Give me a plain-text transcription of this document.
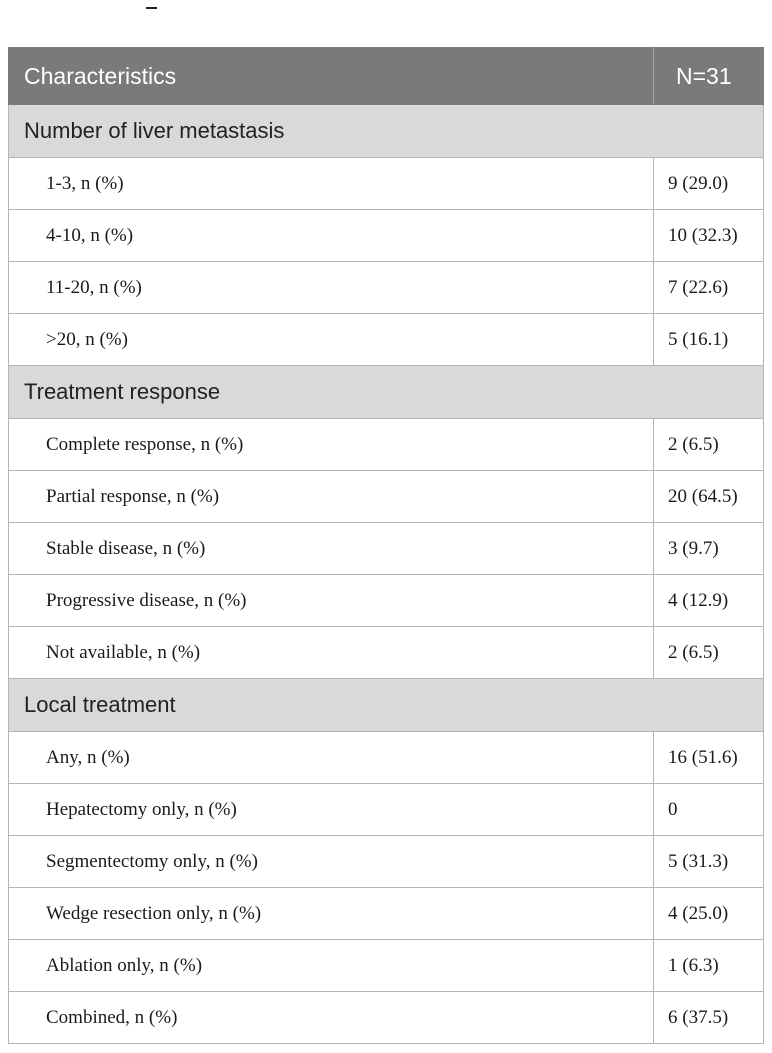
Characteristics	N=31
Number of liver metastasis	
1-3, n (%)	9 (29.0)
4-10, n (%)	10 (32.3)
11-20, n (%)	7 (22.6)
>20, n (%)	5 (16.1)
Treatment response	
Complete response, n (%)	2 (6.5)
Partial response, n (%)	20 (64.5)
Stable disease, n (%)	3 (9.7)
Progressive disease, n (%)	4 (12.9)
Not available, n (%)	2 (6.5)
Local treatment	
Any, n (%)	16 (51.6)
Hepatectomy only, n (%)	0
Segmentectomy only, n (%)	5 (31.3)
Wedge resection only, n (%)	4 (25.0)
Ablation only, n (%)	1 (6.3)
Combined, n (%)	6 (37.5)
